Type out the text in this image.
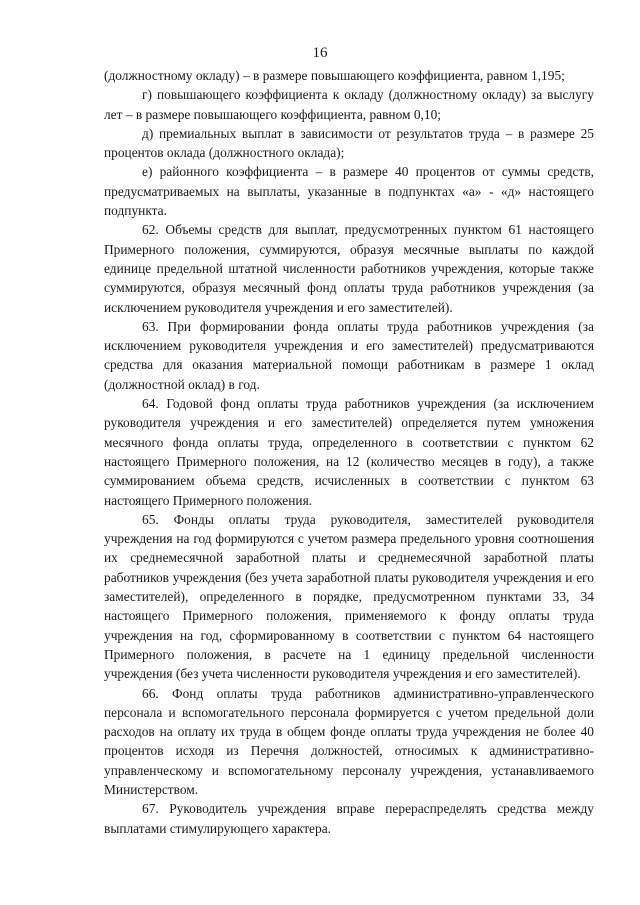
16

(должностному окладу) – в размере повышающего коэффициента, равном 1,195;

г) повышающего коэффициента к окладу (должностному окладу) за выслугу лет – в размере повышающего коэффициента, равном 0,10;

д) премиальных выплат в зависимости от результатов труда – в размере 25 процентов оклада (должностного оклада);

е) районного коэффициента – в размере 40 процентов от суммы средств, предусматриваемых на выплаты, указанные в подпунктах «а» - «д» настоящего подпункта.

62. Объемы средств для выплат, предусмотренных пунктом 61 настоящего Примерного положения, суммируются, образуя месячные выплаты по каждой единице предельной штатной численности работников учреждения, которые также суммируются, образуя месячный фонд оплаты труда работников учреждения (за исключением руководителя учреждения и его заместителей).

63. При формировании фонда оплаты труда работников учреждения (за исключением руководителя учреждения и его заместителей) предусматриваются средства для оказания материальной помощи работникам в размере 1 оклад (должностной оклад) в год.

64. Годовой фонд оплаты труда работников учреждения (за исключением руководителя учреждения и его заместителей) определяется путем умножения месячного фонда оплаты труда, определенного в соответствии с пунктом 62 настоящего Примерного положения, на 12 (количество месяцев в году), а также суммированием объема средств, исчисленных в соответствии с пунктом 63 настоящего Примерного положения.

65. Фонды оплаты труда руководителя, заместителей руководителя учреждения на год формируются с учетом размера предельного уровня соотношения их среднемесячной заработной платы и среднемесячной заработной платы работников учреждения (без учета заработной платы руководителя учреждения и его заместителей), определенного в порядке, предусмотренном пунктами 33, 34 настоящего Примерного положения, применяемого к фонду оплаты труда учреждения на год, сформированному в соответствии с пунктом 64 настоящего Примерного положения, в расчете на 1 единицу предельной численности учреждения (без учета численности руководителя учреждения и его заместителей).

66. Фонд оплаты труда работников административно-управленческого персонала и вспомогательного персонала формируется с учетом предельной доли расходов на оплату их труда в общем фонде оплаты труда учреждения не более 40 процентов исходя из Перечня должностей, относимых к административно-управленческому и вспомогательному персоналу учреждения, устанавливаемого Министерством.

67. Руководитель учреждения вправе перераспределять средства между выплатами стимулирующего характера.
